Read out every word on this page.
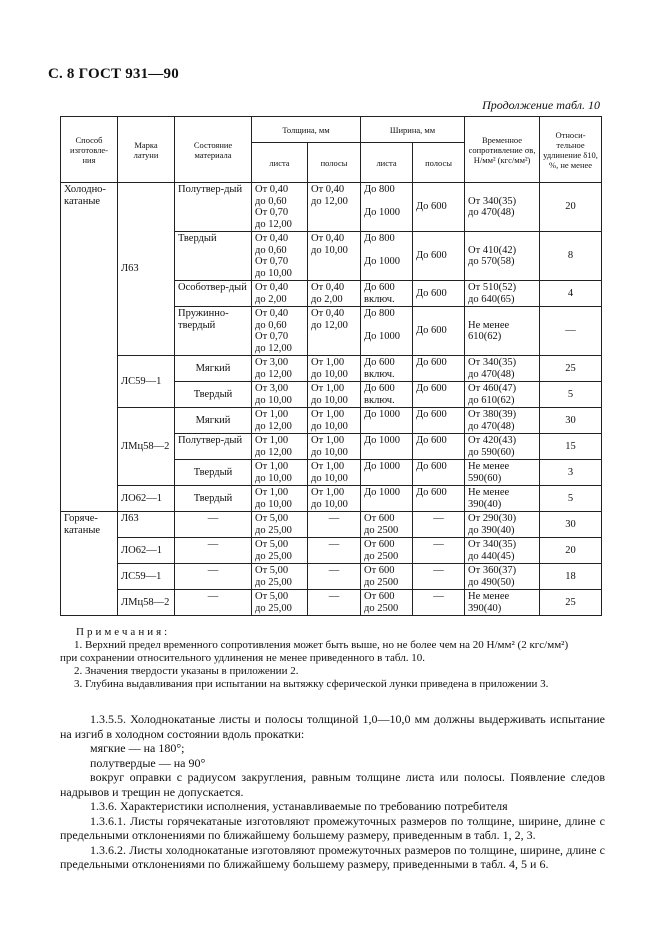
С. 8 ГОСТ 931—90
Продолжение табл. 10
Способ изготовле-ния	Марка латуни	Состояние материала	Толщина, мм		Ширина, мм		Временное сопротивление σв, Н/мм² (кгс/мм²)	Относи-тельное удлинение δ10, %, не менее
			листа	полосы	листа	полосы		
Холодно-катаные	Л63	Полутвер-дый	От 0,40
до 0,60
От 0,70
до 12,00	От 0,40
до 12,00	До 800

До 1000	До 600	От 340(35)
до 470(48)	20
		Твердый	От 0,40
до 0,60
От 0,70
до 10,00	От 0,40
до 10,00	До 800

До 1000	До 600	От 410(42)
до 570(58)	8
		Особотвер-дый	От 0,40
до 2,00	От 0,40
до 2,00	До 600
включ.	До 600	От 510(52)
до 640(65)	4
		Пружинно-твердый	От 0,40
до 0,60
От 0,70
до 12,00	От 0,40
до 12,00	До 800

До 1000	До 600	Не менее
610(62)	—
	ЛС59—1	Мягкий	От 3,00
до 12,00	От 1,00
до 10,00	До 600
включ.	До 600	От 340(35)
до 470(48)	25
		Твердый	От 3,00
до 10,00	От 1,00
до 10,00	До 600
включ.	До 600	От 460(47)
до 610(62)	5
	ЛМц58—2	Мягкий	От 1,00
до 12,00	От 1,00
до 10,00	До 1000	До 600	От 380(39)
до 470(48)	30
		Полутвер-дый	От 1,00
до 12,00	От 1,00
до 10,00	До 1000	До 600	От 420(43)
до 590(60)	15
		Твердый	От 1,00
до 10,00	От 1,00
до 10,00	До 1000	До 600	Не менее
590(60)	3
	ЛО62—1	Твердый	От 1,00
до 10,00	От 1,00
до 10,00	До 1000	До 600	Не менее
390(40)	5
Горяче-катаные	Л63	—	От 5,00
до 25,00	—	От 600
до 2500	—	От 290(30)
до 390(40)	30
	ЛО62—1	—	От 5,00
до 25,00	—	От 600
до 2500	—	От 340(35)
до 440(45)	20
	ЛС59—1	—	От 5,00
до 25,00	—	От 600
до 2500	—	От 360(37)
до 490(50)	18
	ЛМц58—2	—	От 5,00
до 25,00	—	От 600
до 2500	—	Не менее
390(40)	25

Примечания:

1. Верхний предел временного сопротивления может быть выше, но не более чем на 20 Н/мм² (2 кгс/мм²)

при сохранении относительного удлинения не менее приведенного в табл. 10.

2. Значения твердости указаны в приложении 2.

3. Глубина выдавливания при испытании на вытяжку сферической лунки приведена в приложении 3.

1.3.5.5. Холоднокатаные листы и полосы толщиной 1,0—10,0 мм должны выдерживать испытание на изгиб в холодном состоянии вдоль прокатки:

мягкие — на 180°;

полутвердые — на 90°

вокруг оправки с радиусом закругления, равным толщине листа или полосы. Появление следов надрывов и трещин не допускается.

1.3.6. Характеристики исполнения, устанавливаемые по требованию потребителя

1.3.6.1. Листы горячекатаные изготовляют промежуточных размеров по толщине, ширине, длине с предельными отклонениями по ближайшему большему размеру, приведенным в табл. 1, 2, 3.

1.3.6.2. Листы холоднокатаные изготовляют промежуточных размеров по толщине, ширине, длине с предельными отклонениями по ближайшему большему размеру, приведенными в табл. 4, 5 и 6.
